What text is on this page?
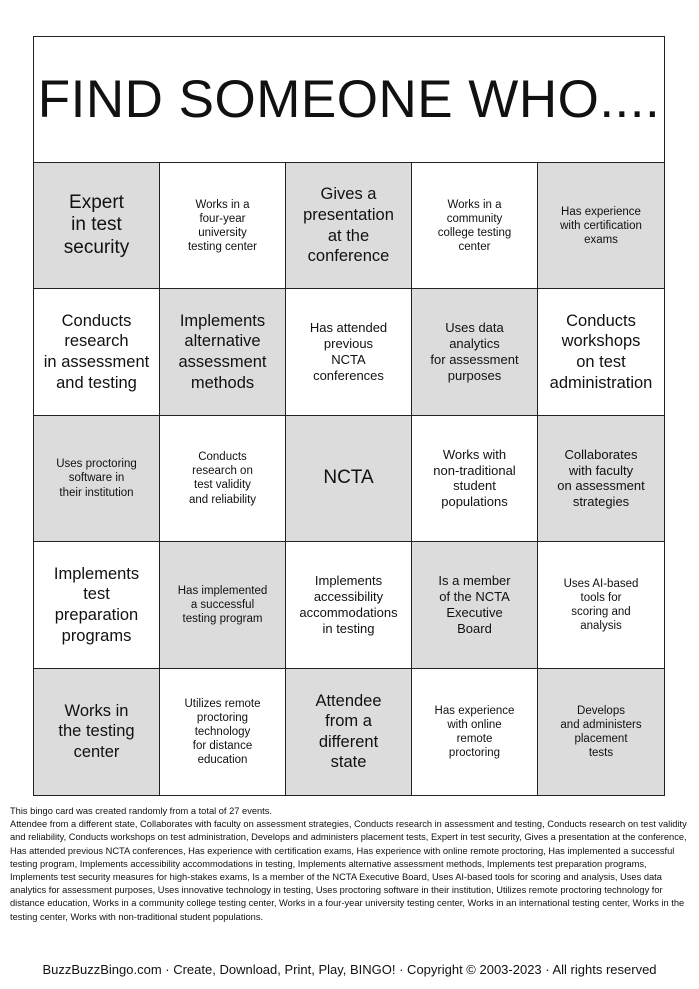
FIND SOMEONE WHO....
Expert
in test
security
Works in a
four-year
university
testing center
Gives a
presentation
at the
conference
Works in a
community
college testing
center
Has experience
with certification
exams
Conducts
research
in assessment
and testing
Implements
alternative
assessment
methods
Has attended
previous
NCTA
conferences
Uses data
analytics
for assessment
purposes
Conducts
workshops
on test
administration
Uses proctoring
software in
their institution
Conducts
research on
test validity
and reliability
NCTA
Works with
non-traditional
student
populations
Collaborates
with faculty
on assessment
strategies
Implements
test
preparation
programs
Has implemented
a successful
testing program
Implements
accessibility
accommodations
in testing
Is a member
of the NCTA
Executive
Board
Uses AI-based
tools for
scoring and
analysis
Works in
the testing
center
Utilizes remote
proctoring
technology
for distance
education
Attendee
from a
different
state
Has experience
with online
remote
proctoring
Develops
and administers
placement
tests
This bingo card was created randomly from a total of 27 events.
Attendee from a different state, Collaborates with faculty on assessment strategies, Conducts research in assessment and testing, Conducts research on test validity and reliability, Conducts workshops on test administration, Develops and administers placement tests, Expert in test security, Gives a presentation at the conference, Has attended previous NCTA conferences, Has experience with certification exams, Has experience with online remote proctoring, Has implemented a successful testing program, Implements accessibility accommodations in testing, Implements alternative assessment methods, Implements test preparation programs, Implements test security measures for high-stakes exams, Is a member of the NCTA Executive Board, Uses AI-based tools for scoring and analysis, Uses data analytics for assessment purposes, Uses innovative technology in testing, Uses proctoring software in their institution, Utilizes remote proctoring technology for distance education, Works in a community college testing center, Works in a four-year university testing center, Works in an international testing center, Works in the testing center, Works with non-traditional student populations.
BuzzBuzzBingo.com · Create, Download, Print, Play, BINGO! · Copyright © 2003-2023 · All rights reserved
